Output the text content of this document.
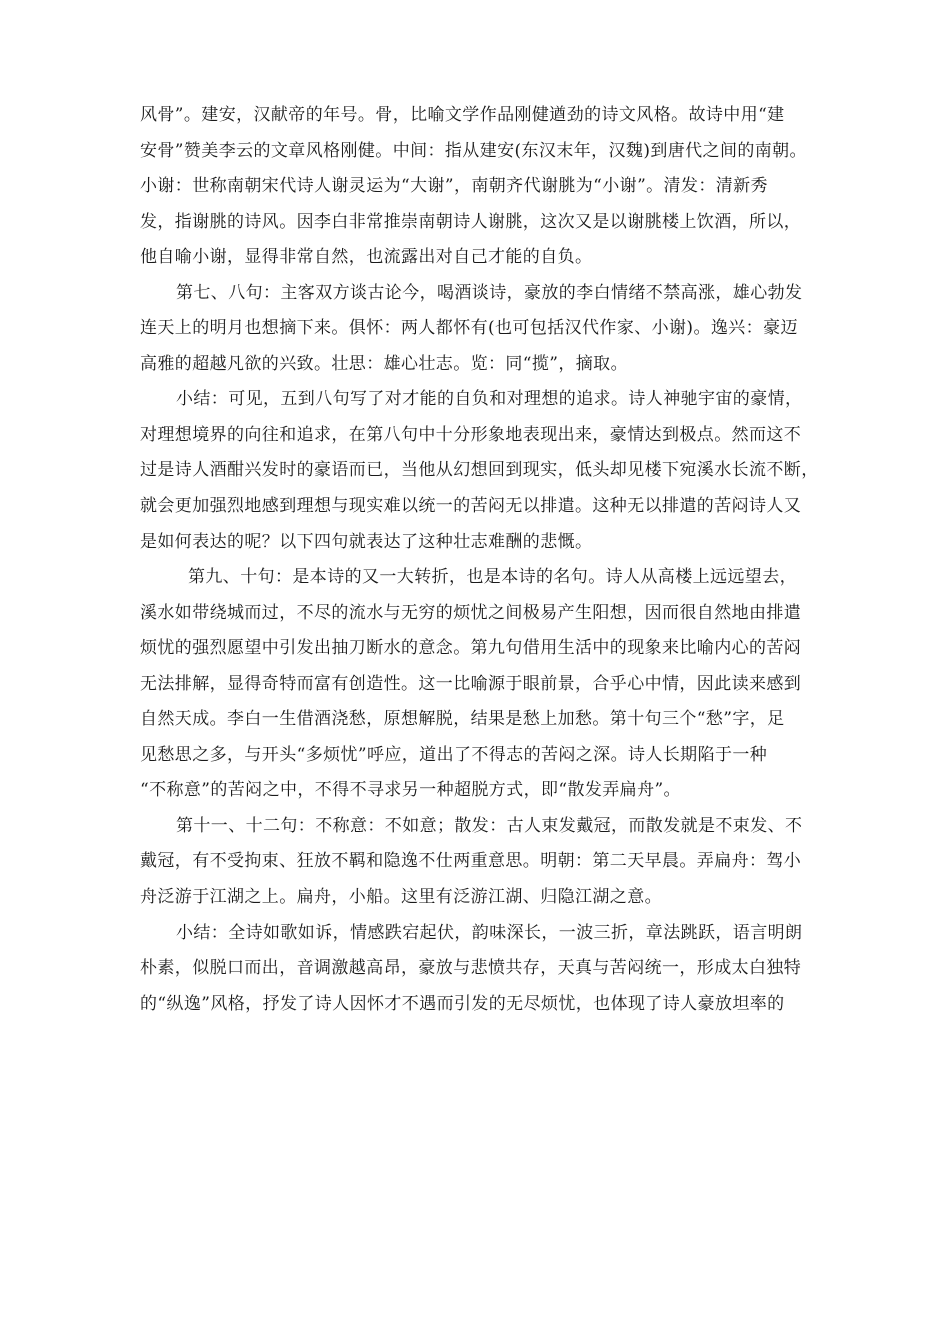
风骨”。建安，汉献帝的年号。骨，比喻文学作品刚健遒劲的诗文风格。故诗中用“建
安骨”赞美李云的文章风格刚健。中间：指从建安(东汉末年，汉魏)到唐代之间的南朝。
小谢：世称南朝宋代诗人谢灵运为“大谢”，南朝齐代谢朓为“小谢”。清发：清新秀
发，指谢朓的诗风。因李白非常推崇南朝诗人谢朓，这次又是以谢朓楼上饮酒，所以，
他自喻小谢，显得非常自然，也流露出对自己才能的自负。
第七、八句：主客双方谈古论今，喝酒谈诗，豪放的李白情绪不禁高涨，雄心勃发
连天上的明月也想摘下来。俱怀：两人都怀有(也可包括汉代作家、小谢)。逸兴：豪迈
高雅的超越凡欲的兴致。壮思：雄心壮志。览：同“揽”，摘取。
小结：可见，五到八句写了对才能的自负和对理想的追求。诗人神驰宇宙的豪情，
对理想境界的向往和追求，在第八句中十分形象地表现出来，豪情达到极点。然而这不
过是诗人酒酣兴发时的豪语而已，当他从幻想回到现实，低头却见楼下宛溪水长流不断，
就会更加强烈地感到理想与现实难以统一的苦闷无以排遣。这种无以排遣的苦闷诗人又
是如何表达的呢？以下四句就表达了这种壮志难酬的悲慨。
第九、十句：是本诗的又一大转折，也是本诗的名句。诗人从高楼上远远望去，
溪水如带绕城而过，不尽的流水与无穷的烦忧之间极易产生阳想，因而很自然地由排遣
烦忧的强烈愿望中引发出抽刀断水的意念。第九句借用生活中的现象来比喻内心的苦闷
无法排解，显得奇特而富有创造性。这一比喻源于眼前景，合乎心中情，因此读来感到
自然天成。李白一生借酒浇愁，原想解脱，结果是愁上加愁。第十句三个“愁”字，足
见愁思之多，与开头“多烦忧”呼应，道出了不得志的苦闷之深。诗人长期陷于一种
“不称意”的苦闷之中，不得不寻求另一种超脱方式，即“散发弄扁舟”。
第十一、十二句：不称意：不如意；散发：古人束发戴冠，而散发就是不束发、不
戴冠，有不受拘束、狂放不羁和隐逸不仕两重意思。明朝：第二天早晨。弄扁舟：驾小
舟泛游于江湖之上。扁舟，小船。这里有泛游江湖、归隐江湖之意。
小结：全诗如歌如诉，情感跌宕起伏，韵味深长，一波三折，章法跳跃，语言明朗
朴素，似脱口而出，音调激越高昂，豪放与悲愤共存，天真与苦闷统一，形成太白独特
的“纵逸”风格，抒发了诗人因怀才不遇而引发的无尽烦忧，也体现了诗人豪放坦率的
